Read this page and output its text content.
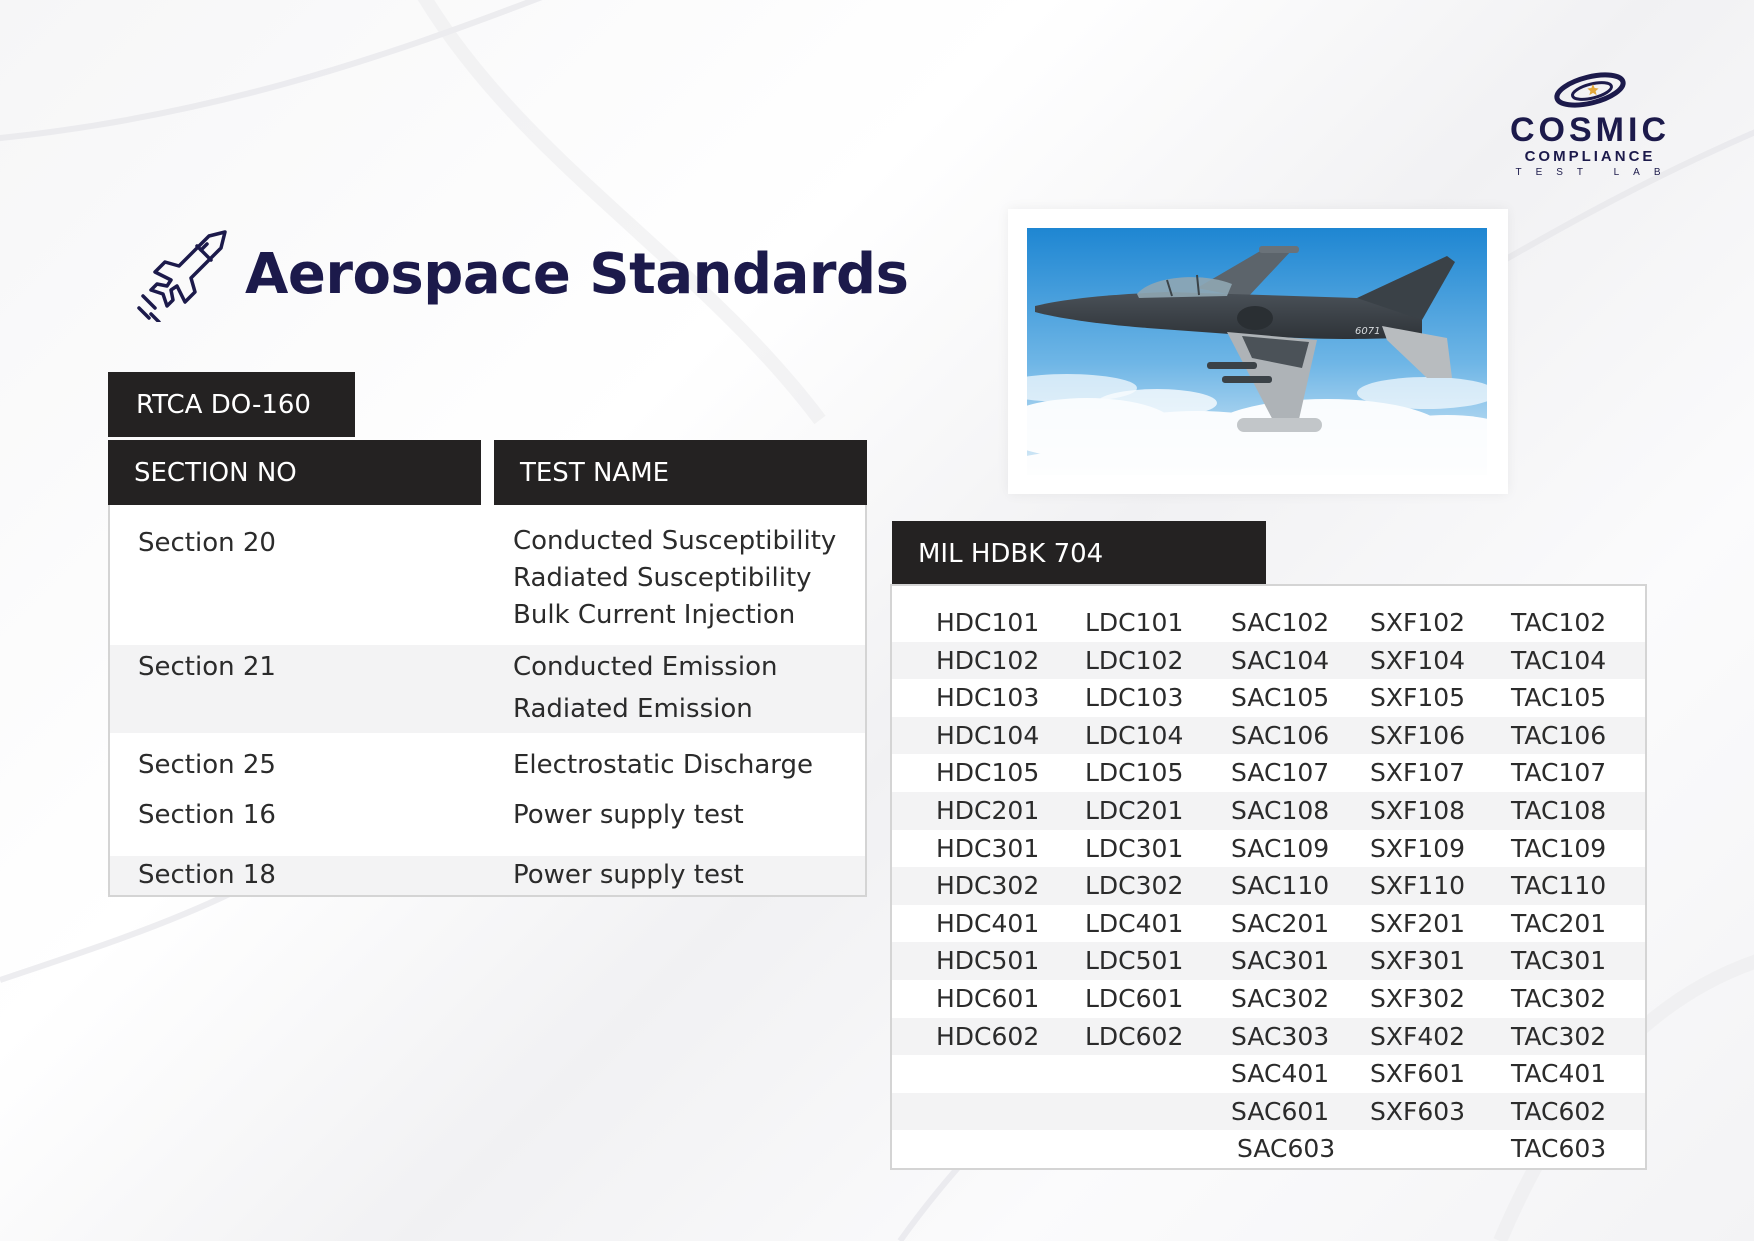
COSMIC
COMPLIANCE
TEST LAB
Aerospace Standards
RTCA DO-160
SECTION NO	TEST NAME
Section 20	Conducted Susceptibility
Radiated Susceptibility
Bulk Current Injection
Section 21	Conducted Emission
Radiated Emission
Section 25	Electrostatic Discharge
Section 16	Power supply test
Section 18	Power supply test
6071
MIL HDBK 704
HDC101 LDC101 SAC102 SXF102 TAC102
HDC102 LDC102 SAC104 SXF104 TAC104
HDC103 LDC103 SAC105 SXF105 TAC105
HDC104 LDC104 SAC106 SXF106 TAC106
HDC105 LDC105 SAC107 SXF107 TAC107
HDC201 LDC201 SAC108 SXF108 TAC108
HDC301 LDC301 SAC109 SXF109 TAC109
HDC302 LDC302 SAC110 SXF110 TAC110
HDC401 LDC401 SAC201 SXF201 TAC201
HDC501 LDC501 SAC301 SXF301 TAC301
HDC601 LDC601 SAC302 SXF302 TAC302
HDC602 LDC602 SAC303 SXF402 TAC302
SAC401 SXF601 TAC401
SAC601 SXF603 TAC602
SAC603	TAC603
